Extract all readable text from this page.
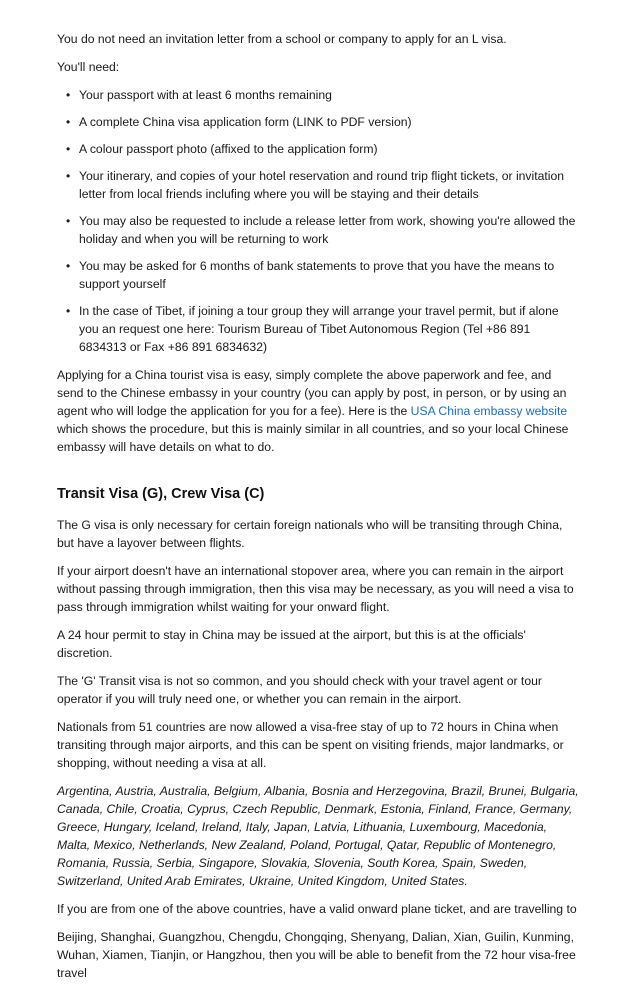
You do not need an invitation letter from a school or company to apply for an L visa.

You'll need:

• Your passport with at least 6 months remaining
• A complete China visa application form (LINK to PDF version)
• A colour passport photo (affixed to the application form)
• Your itinerary, and copies of your hotel reservation and round trip flight tickets, or invitation letter from local friends inclufing where you will be staying and their details
• You may also be requested to include a release letter from work, showing you're allowed the holiday and when you will be returning to work
• You may be asked for 6 months of bank statements to prove that you have the means to support yourself
• In the case of Tibet, if joining a tour group they will arrange your travel permit, but if alone you an request one here: Tourism Bureau of Tibet Autonomous Region (Tel +86 891 6834313 or Fax +86 891 6834632)

Applying for a China tourist visa is easy, simply complete the above paperwork and fee, and send to the Chinese embassy in your country (you can apply by post, in person, or by using an agent who will lodge the application for you for a fee). Here is the USA China embassy website which shows the procedure, but this is mainly similar in all countries, and so your local Chinese embassy will have details on what to do.

Transit Visa (G), Crew Visa (C)

The G visa is only necessary for certain foreign nationals who will be transiting through China, but have a layover between flights.

If your airport doesn't have an international stopover area, where you can remain in the airport without passing through immigration, then this visa may be necessary, as you will need a visa to pass through immigration whilst waiting for your onward flight.

A 24 hour permit to stay in China may be issued at the airport, but this is at the officials' discretion.

The 'G' Transit visa is not so common, and you should check with your travel agent or tour operator if you will truly need one, or whether you can remain in the airport.

Nationals from 51 countries are now allowed a visa-free stay of up to 72 hours in China when transiting through major airports, and this can be spent on visiting friends, major landmarks, or shopping, without needing a visa at all.

Argentina, Austria, Australia, Belgium, Albania, Bosnia and Herzegovina, Brazil, Brunei, Bulgaria, Canada, Chile, Croatia, Cyprus, Czech Republic, Denmark, Estonia, Finland, France, Germany, Greece, Hungary, Iceland, Ireland, Italy, Japan, Latvia, Lithuania, Luxembourg, Macedonia, Malta, Mexico, Netherlands, New Zealand, Poland, Portugal, Qatar, Republic of Montenegro, Romania, Russia, Serbia, Singapore, Slovakia, Slovenia, South Korea, Spain, Sweden, Switzerland, United Arab Emirates, Ukraine, United Kingdom, United States.

If you are from one of the above countries, have a valid onward plane ticket, and are travelling to

Beijing, Shanghai, Guangzhou, Chengdu, Chongqing, Shenyang, Dalian, Xian, Guilin, Kunming, Wuhan, Xiamen, Tianjin, or Hangzhou, then you will be able to benefit from the 72 hour visa-free travel
